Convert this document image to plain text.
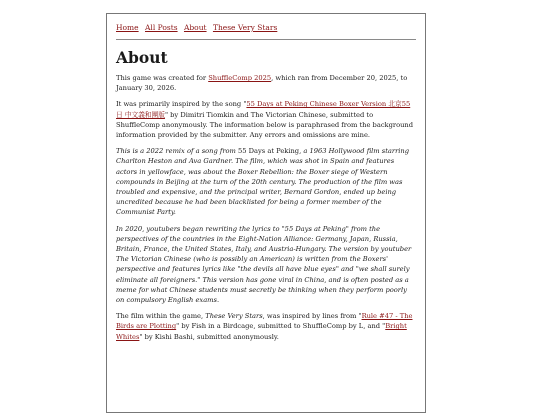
Home All Posts About These Very Stars
About

This game was created for ShuffleComp 2025, which ran from December 20, 2025, to January 30, 2026.

It was primarily inspired by the song "55 Days at Peking Chinese Boxer Version 北京55日 中文義和團版" by Dimitri Tiomkin and The Victorian Chinese, submitted to ShuffleComp anonymously. The information below is paraphrased from the background information provided by the submitter. Any errors and omissions are mine.

This is a 2022 remix of a song from 55 Days at Peking, a 1963 Hollywood film starring Charlton Heston and Ava Gardner. The film, which was shot in Spain and features actors in yellowface, was about the Boxer Rebellion: the Boxer siege of Western compounds in Beijing at the turn of the 20th century. The production of the film was troubled and expensive, and the principal writer, Bernard Gordon, ended up being uncredited because he had been blacklisted for being a former member of the Communist Party.

In 2020, youtubers began rewriting the lyrics to "55 Days at Peking" from the perspectives of the countries in the Eight-Nation Alliance: Germany, Japan, Russia, Britain, France, the United States, Italy, and Austria-Hungary. The version by youtuber The Victorian Chinese (who is possibly an American) is written from the Boxers' perspective and features lyrics like "the devils all have blue eyes" and "we shall surely eliminate all foreigners." This version has gone viral in China, and is often posted as a meme for what Chinese students must secretly be thinking when they perform poorly on compulsory English exams.

The film within the game, These Very Stars, was inspired by lines from "Rule #47 - The Birds are Plotting" by Fish in a Birdcage, submitted to ShuffleComp by L, and "Bright Whites" by Kishi Bashi, submitted anonymously.
